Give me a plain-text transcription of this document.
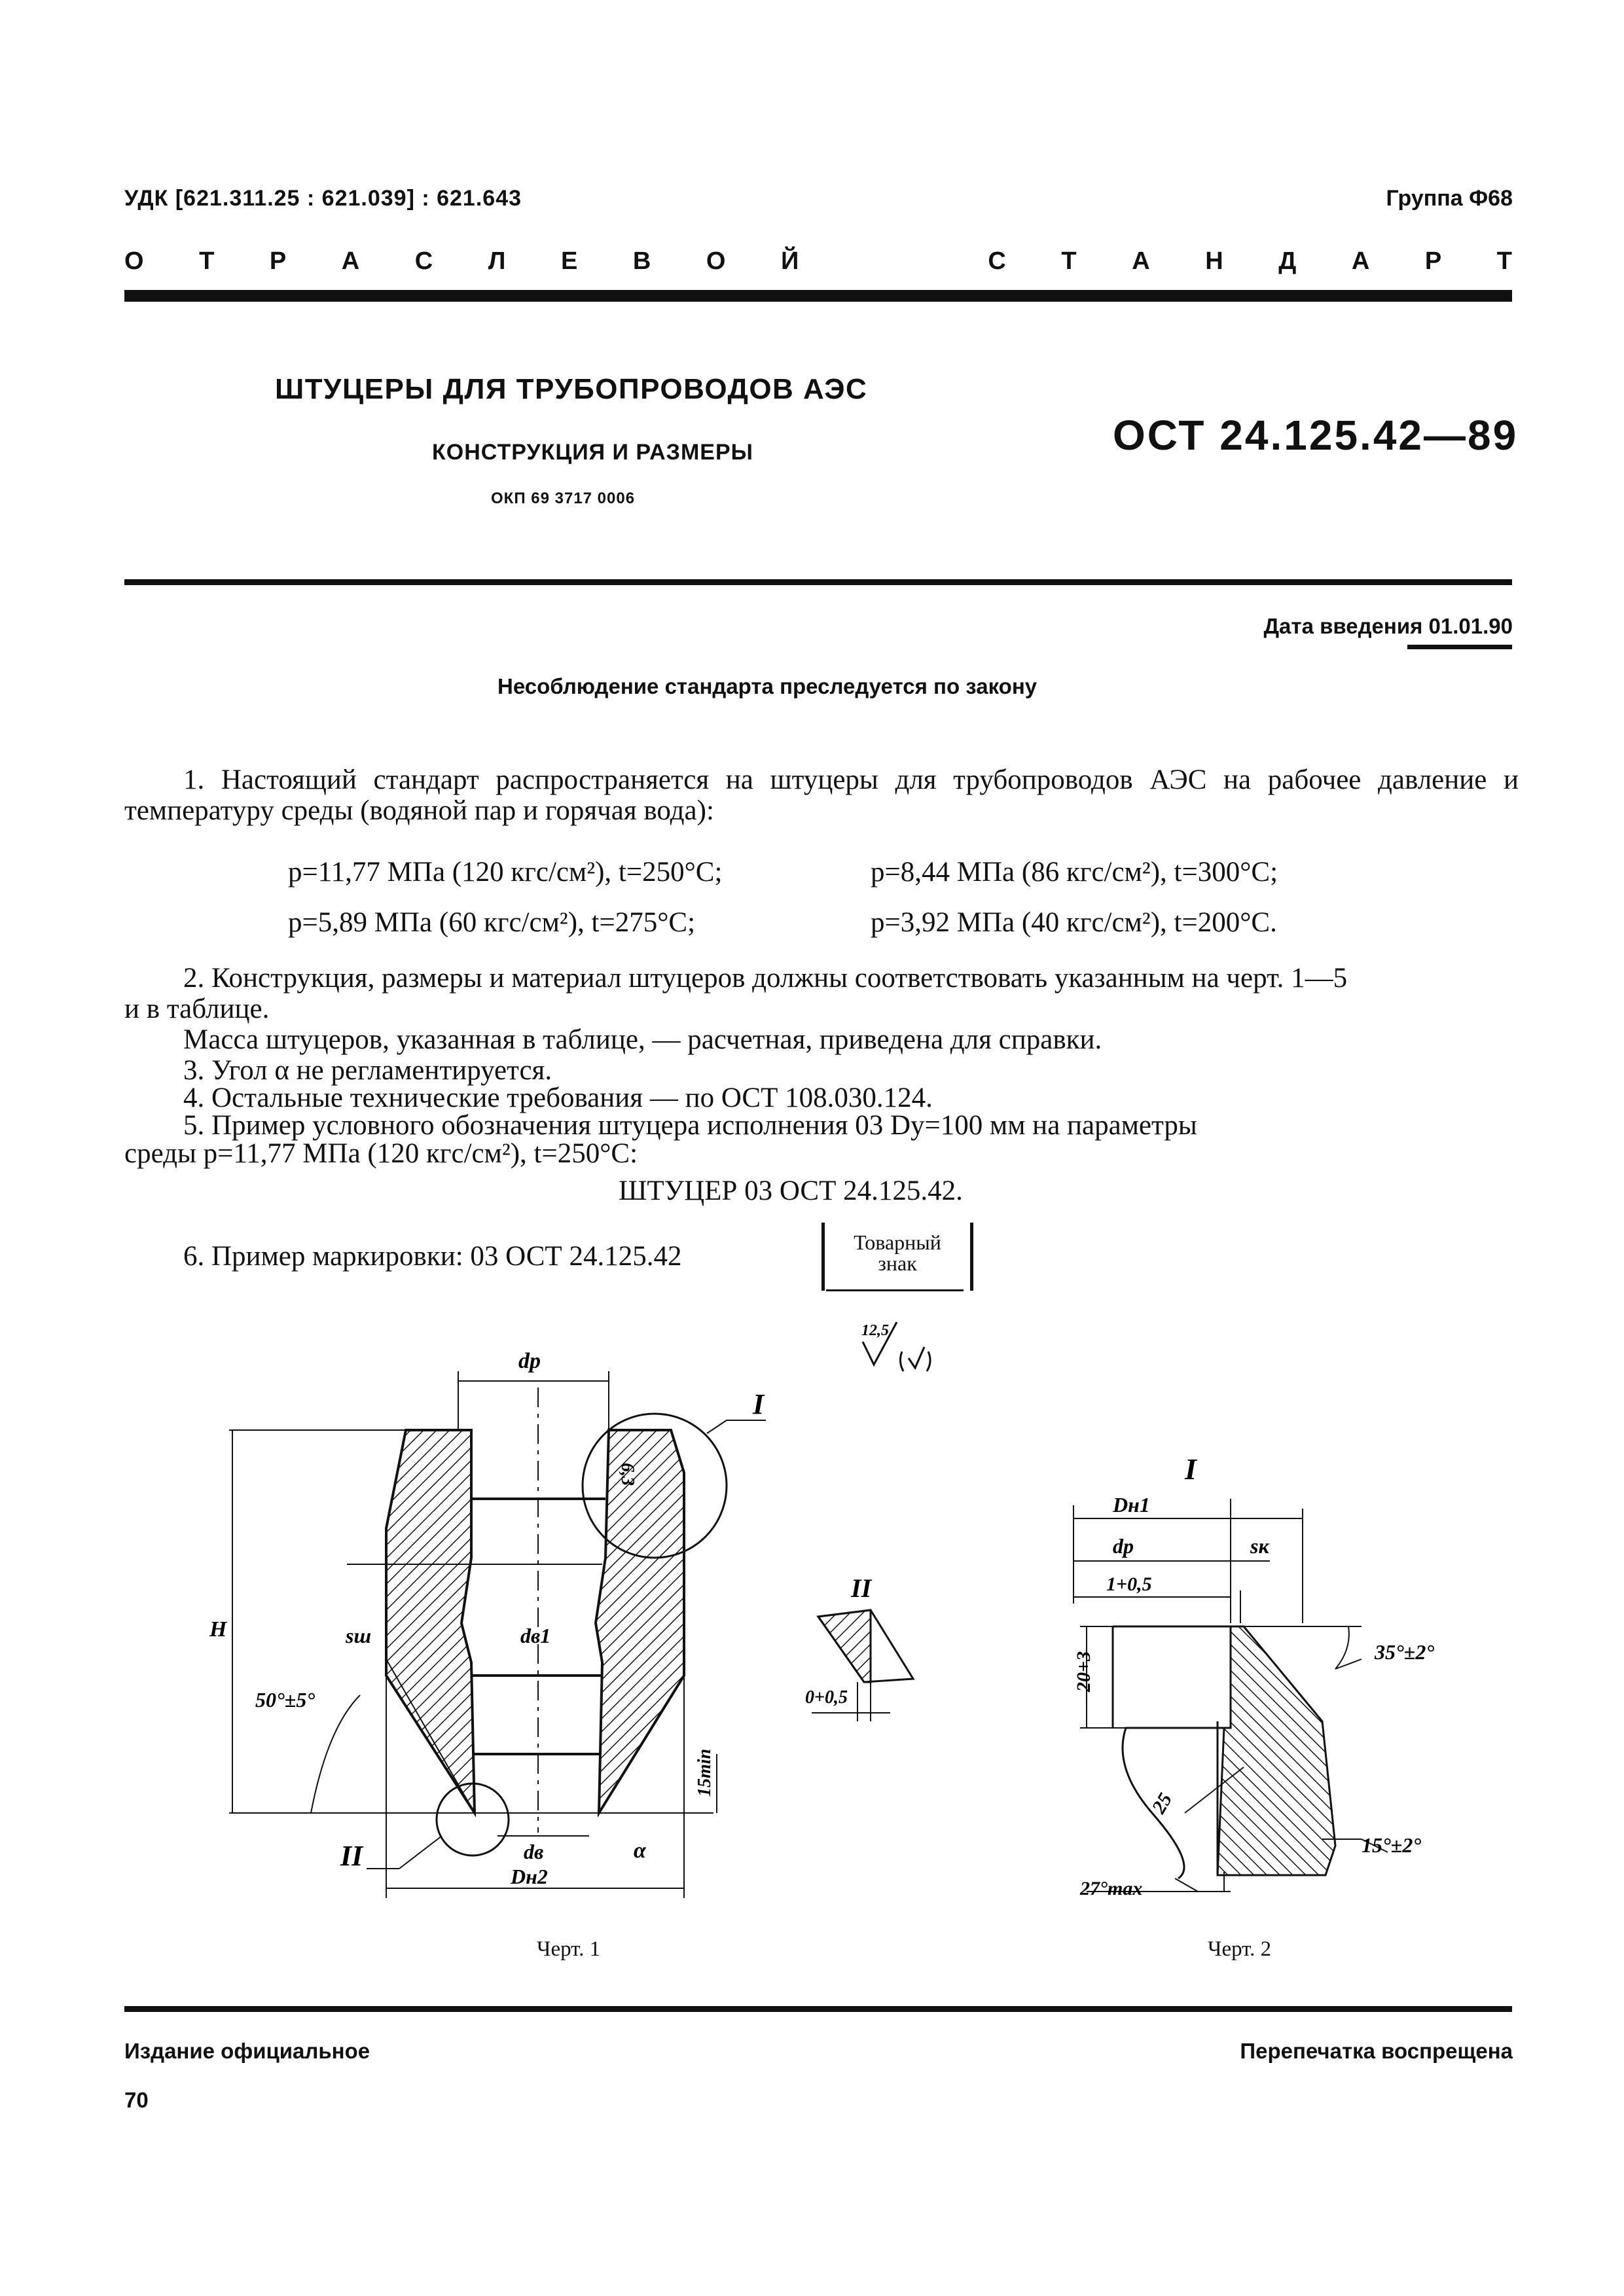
УДК [621.311.25 : 621.039] : 621.643	Группа Ф68
О Т Р А С Л Е В О Й	С Т А Н Д А Р Т
ШТУЦЕРЫ ДЛЯ ТРУБОПРОВОДОВ АЭС
КОНСТРУКЦИЯ И РАЗМЕРЫ
ОКП 69 3717 0006
ОСТ 24.125.42—89
Дата введения 01.01.90
Несоблюдение стандарта преследуется по закону
1. Настоящий стандарт распространяется на штуцеры для трубопроводов АЭС на рабочее давление и температуру среды (водяной пар и горячая вода):
p=11,77 МПа (120 кгс/см²), t=250°С;	p=8,44 МПа (86 кгс/см²), t=300°С;
p=5,89 МПа (60 кгс/см²), t=275°С;	p=3,92 МПа (40 кгс/см²), t=200°С.
2. Конструкция, размеры и материал штуцеров должны соответствовать указанным на черт. 1—5
и в таблице.
Масса штуцеров, указанная в таблице, — расчетная, приведена для справки.
3. Угол α не регламентируется.
4. Остальные технические требования — по ОСТ 108.030.124.
5. Пример условного обозначения штуцера исполнения 03 Dу=100 мм на параметры
среды p=11,77 МПа (120 кгс/см²), t=250°С:
ШТУЦЕР 03 ОСТ 24.125.42.
6. Пример маркировки: 03 ОСТ 24.125.42	Товарный
знак
dp
I
H	sш	dв1
50°±5°
6,3
15min
dв	α
Dн2
II
12,5
II
0+0,5
I
Dн1
dp	sк
1+0,5
20+3	35°±2°
25
15°±2°
27°max
Черт. 1	Черт. 2
Издание официальное	Перепечатка воспрещена
70
